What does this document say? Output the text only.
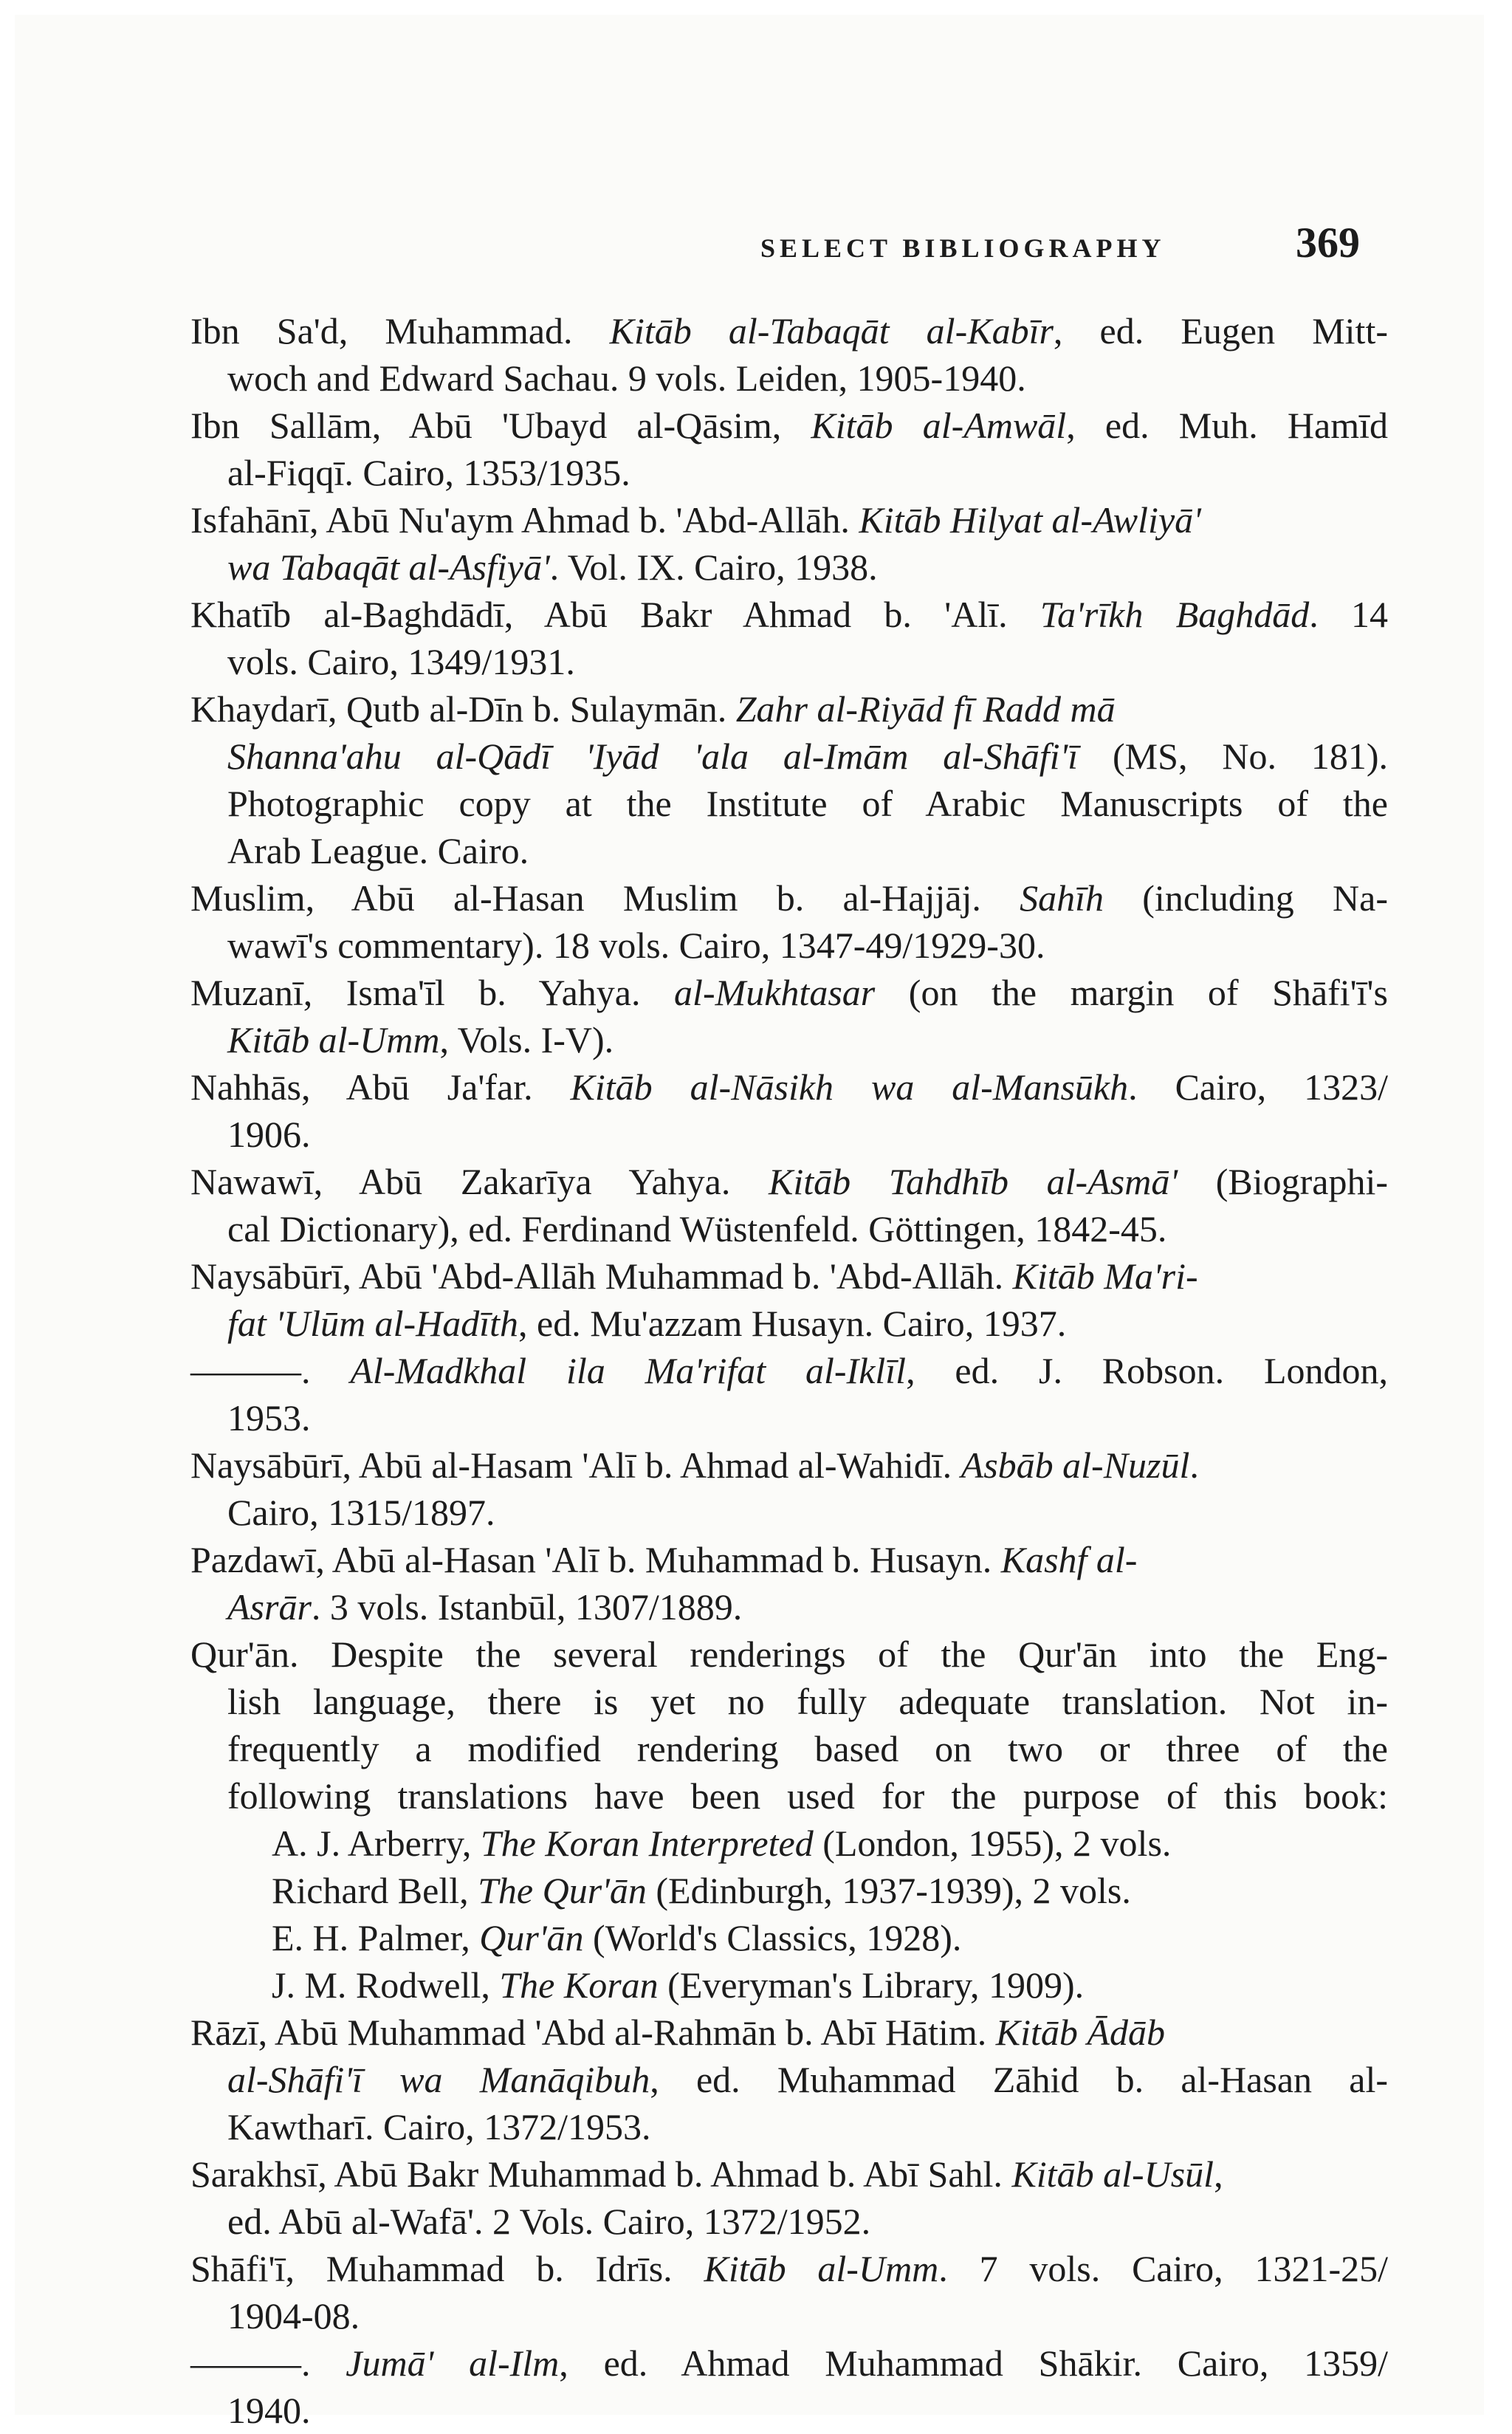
SELECT BIBLIOGRAPHY	369
Ibn Sa'd, Muhammad. Kitāb al-Tabaqāt al-Kabīr, ed. Eugen Mitt-
woch and Edward Sachau. 9 vols. Leiden, 1905-1940.
Ibn Sallām, Abū 'Ubayd al-Qāsim, Kitāb al-Amwāl, ed. Muh. Hamīd
al-Fiqqī. Cairo, 1353/1935.
Isfahānī, Abū Nu'aym Ahmad b. 'Abd-Allāh. Kitāb Hilyat al-Awliyā'
wa Tabaqāt al-Asfiyā'. Vol. IX. Cairo, 1938.
Khatīb al-Baghdādī, Abū Bakr Ahmad b. 'Alī. Ta'rīkh Baghdād. 14
vols. Cairo, 1349/1931.
Khaydarī, Qutb al-Dīn b. Sulaymān. Zahr al-Riyād fī Radd mā
Shanna'ahu al-Qādī 'Iyād 'ala al-Imām al-Shāfi'ī (MS, No. 181).
Photographic copy at the Institute of Arabic Manuscripts of the
Arab League. Cairo.
Muslim, Abū al-Hasan Muslim b. al-Hajjāj. Sahīh (including Na-
wawī's commentary). 18 vols. Cairo, 1347-49/1929-30.
Muzanī, Isma'īl b. Yahya. al-Mukhtasar (on the margin of Shāfi'ī's
Kitāb al-Umm, Vols. I-V).
Nahhās, Abū Ja'far. Kitāb al-Nāsikh wa al-Mansūkh. Cairo, 1323/
1906.
Nawawī, Abū Zakarīya Yahya. Kitāb Tahdhīb al-Asmā' (Biographi-
cal Dictionary), ed. Ferdinand Wüstenfeld. Göttingen, 1842-45.
Naysābūrī, Abū 'Abd-Allāh Muhammad b. 'Abd-Allāh. Kitāb Ma'ri-
fat 'Ulūm al-Hadīth, ed. Mu'azzam Husayn. Cairo, 1937.
———. Al-Madkhal ila Ma'rifat al-Iklīl, ed. J. Robson. London,
1953.
Naysābūrī, Abū al-Hasam 'Alī b. Ahmad al-Wahidī. Asbāb al-Nuzūl.
Cairo, 1315/1897.
Pazdawī, Abū al-Hasan 'Alī b. Muhammad b. Husayn. Kashf al-
Asrār. 3 vols. Istanbūl, 1307/1889.
Qur'ān. Despite the several renderings of the Qur'ān into the Eng-
lish language, there is yet no fully adequate translation. Not in-
frequently a modified rendering based on two or three of the
following translations have been used for the purpose of this book:
A. J. Arberry, The Koran Interpreted (London, 1955), 2 vols.
Richard Bell, The Qur'ān (Edinburgh, 1937-1939), 2 vols.
E. H. Palmer, Qur'ān (World's Classics, 1928).
J. M. Rodwell, The Koran (Everyman's Library, 1909).
Rāzī, Abū Muhammad 'Abd al-Rahmān b. Abī Hātim. Kitāb Ādāb
al-Shāfi'ī wa Manāqibuh, ed. Muhammad Zāhid b. al-Hasan al-
Kawtharī. Cairo, 1372/1953.
Sarakhsī, Abū Bakr Muhammad b. Ahmad b. Abī Sahl. Kitāb al-Usūl,
ed. Abū al-Wafā'. 2 Vols. Cairo, 1372/1952.
Shāfi'ī, Muhammad b. Idrīs. Kitāb al-Umm. 7 vols. Cairo, 1321-25/
1904-08.
———. Jumā' al-Ilm, ed. Ahmad Muhammad Shākir. Cairo, 1359/
1940.
